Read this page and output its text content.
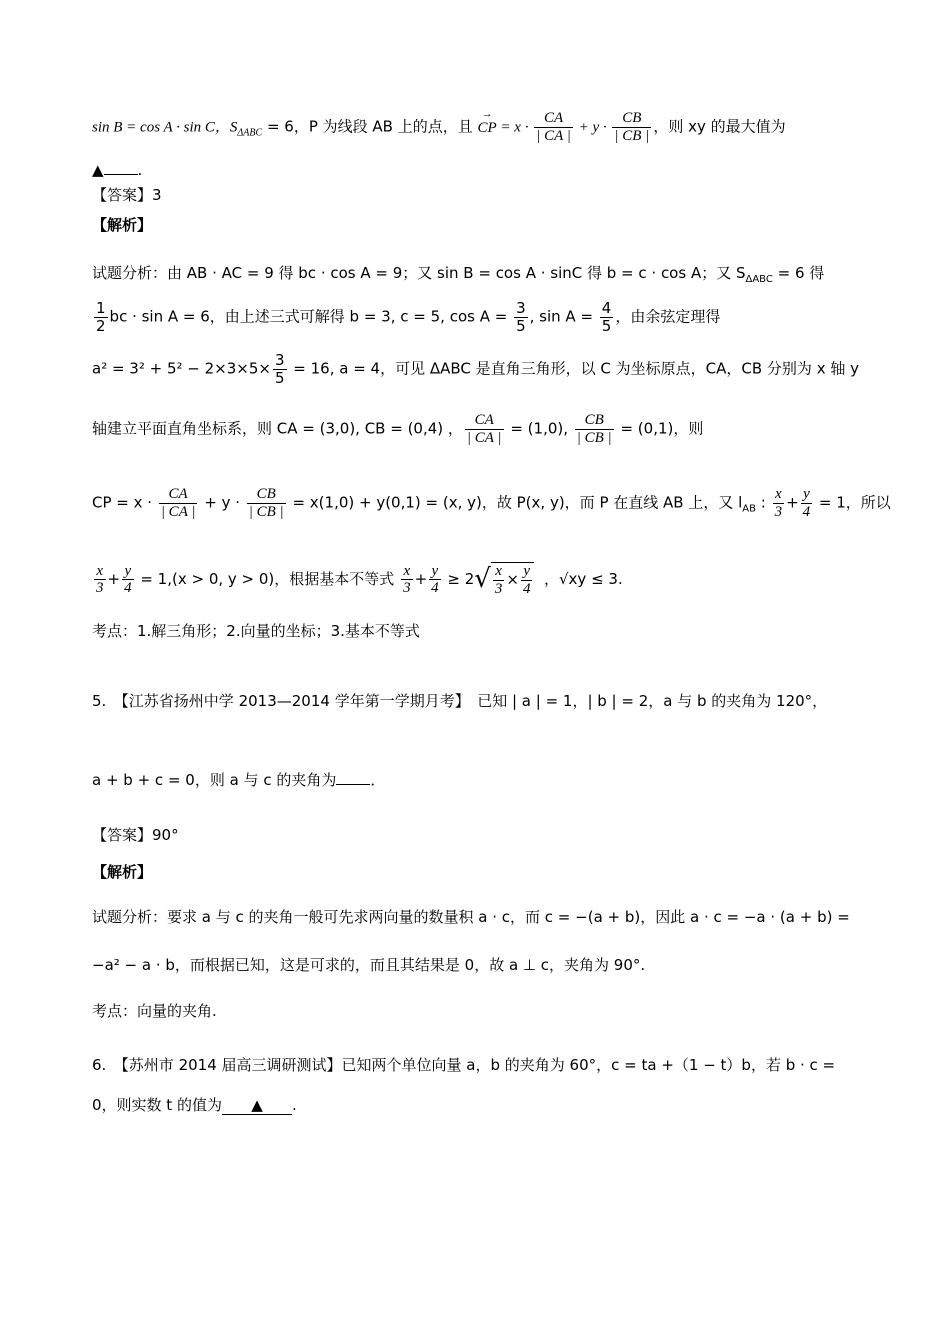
sin B = cos A · sin C，$S_{\Delta ABC} = 6$，P 为线段 AB 上的点，且 → CP = $x \cdot \frac{CA}{| CA |} + y \cdot \frac{CB}{| CB |}$ ，则 xy 的最大值为
▲ .
【答案】3
【解析】
试题分析：由 AB · AC = 9 得 bc · cos A = 9；又 sin B = cos A · sinC 得 b = c · cos A；又 $S_{\Delta ABC} = 6$ 得
$\frac{1}{2}$ bc · sin A = 6，由上述三式可解得 b = 3, c = 5, $\cos A = \frac{3}{5}$ , $\sin A = \frac{4}{5}$ ，由余弦定理得
$a^2 = 3^2 + 5^2 - 2\times 3\times 5\times \frac{3}{5} = 16$, a = 4，可见 ΔABC 是直角三角形，以 C 为坐标原点，CA，CB 分别为 x 轴 y
轴建立平面直角坐标系，则 CA = (3,0), CB = (0,4) ， $\frac{CA}{| CA |} = (1,0)$, $\frac{CB}{| CB |} = (0,1)$，则
CP = $x \cdot \frac{CA}{| CA |} + y \cdot \frac{CB}{| CB |} = x(1,0) + y(0,1) = (x$, y)，故 P(x, y)，而 P 在直线 AB 上，又 $l_{AB}$ : $\frac{x}{3} + \frac{y}{4} = 1$，所以
$\frac{x}{3} + \frac{y}{4} = 1,(x > 0$, y > 0)，根据基本不等式 $\frac{x}{3} + \frac{y}{4} \ge 2√ \frac{x}{3} \times \frac{y}{4}$ ，√xy ≤ 3.
考点：1.解三角形；2.向量的坐标；3.基本不等式
5.　【江苏省扬州中学 2013—2014 学年第一学期月考】　已知 | a | = 1，| b | = 2，a 与 b 的夹角为 120°，
a + b + c = 0，则 a 与 c 的夹角为 ．
【答案】90°
【解析】
试题分析：要求 a 与 c 的夹角一般可先求两向量的数量积 a · c，而 c = −(a + b)，因此 a · c = −a · (a + b) =
−a² − a · b，而根据已知，这是可求的，而且其结果是 0，故 a ⊥ c，夹角为 90°.
考点：向量的夹角.
6.　【苏州市 2014 届高三调研测试】已知两个单位向量 a，b 的夹角为 60°，c = ta +（1 − t）b，若 b · c =
0，则实数 t 的值为 ▲ .
